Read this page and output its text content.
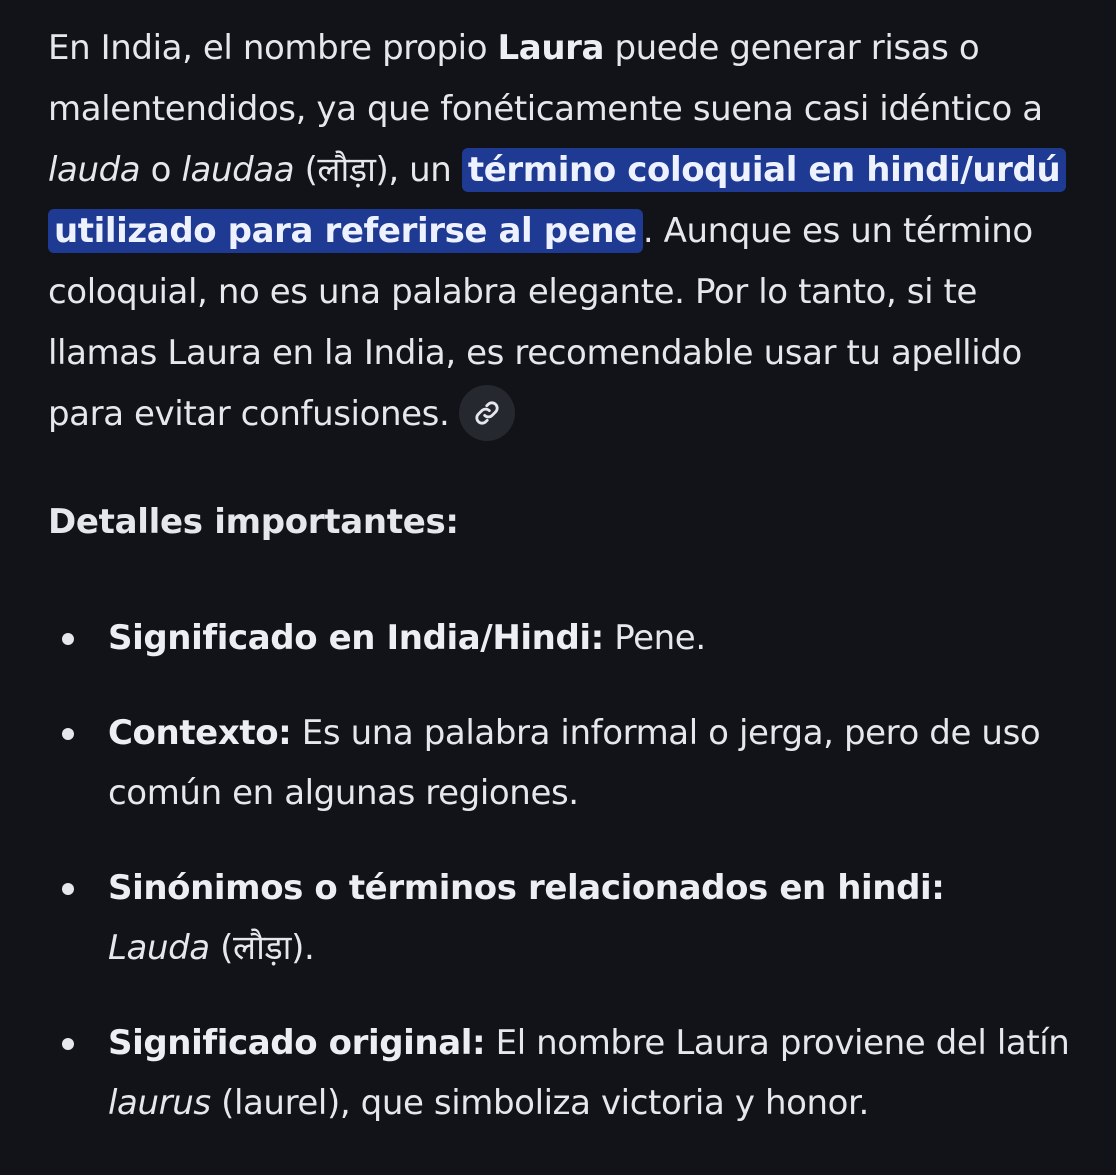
En India, el nombre propio Laura puede generar risas o malentendidos, ya que fonéticamente suena casi idéntico a lauda o laudaa (लौड़ा), un término coloquial en hindi/urdú utilizado para referirse al pene . Aunque es un término coloquial, no es una palabra elegante. Por lo tanto, si te llamas Laura en la India, es recomendable usar tu apellido para evitar confusiones.

Detalles importantes:
Significado en India/Hindi: Pene.
Contexto: Es una palabra informal o jerga, pero de uso común en algunas regiones.
Sinónimos o términos relacionados en hindi:
Lauda (लौड़ा).
Significado original: El nombre Laura proviene del latín laurus (laurel), que simboliza victoria y honor.
